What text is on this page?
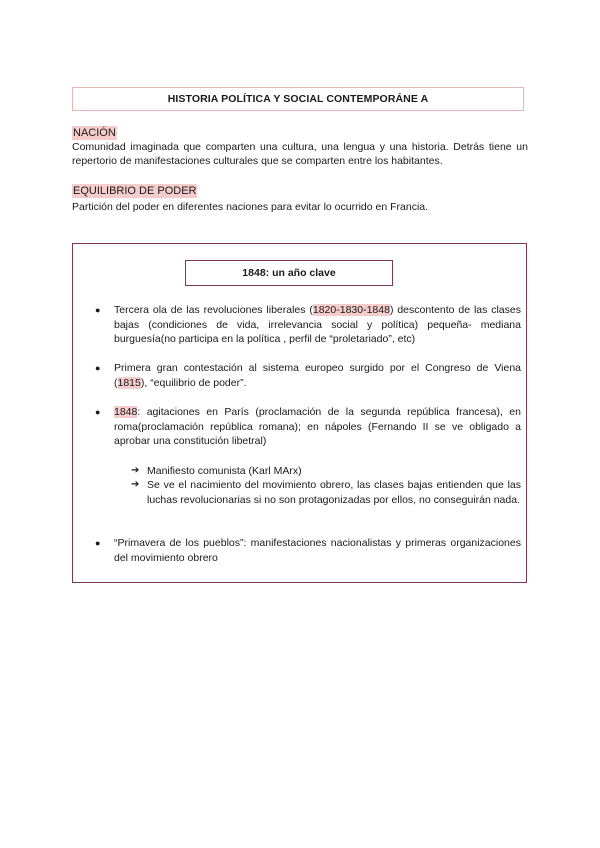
HISTORIA POLÍTICA Y SOCIAL CONTEMPORÁNE A
NACIÓN
Comunidad imaginada que comparten una cultura, una lengua y una historia. Detrás tiene un repertorio de manifestaciones culturales que se comparten entre los habitantes.
EQUILIBRIO DE PODER
Partición del poder en diferentes naciones para evitar lo ocurrido en Francia.
1848: un año clave
●	Tercera ola de las revoluciones liberales (1820-1830-1848) descontento de las clases bajas (condiciones de vida, irrelevancia social y política) pequeña- mediana burguesía(no participa en la política , perfil de “proletariado”, etc)
●	Primera gran contestación al sistema europeo surgido por el Congreso de Viena (1815), “equilibrio de poder”.
●	1848: agitaciones en París (proclamación de la segunda república francesa), en roma(proclamación república romana); en nápoles (Fernando II se ve obligado a aprobar una constitución libetral)
➔ Manifiesto comunista (Karl MArx)
➔ Se ve el nacimiento del movimiento obrero, las clases bajas entienden que las luchas revolucionarias si no son protagonizadas por ellos, no conseguirán nada.
●	“Primavera de los pueblos”: manifestaciones nacionalistas y primeras organizaciones del movimiento obrero
